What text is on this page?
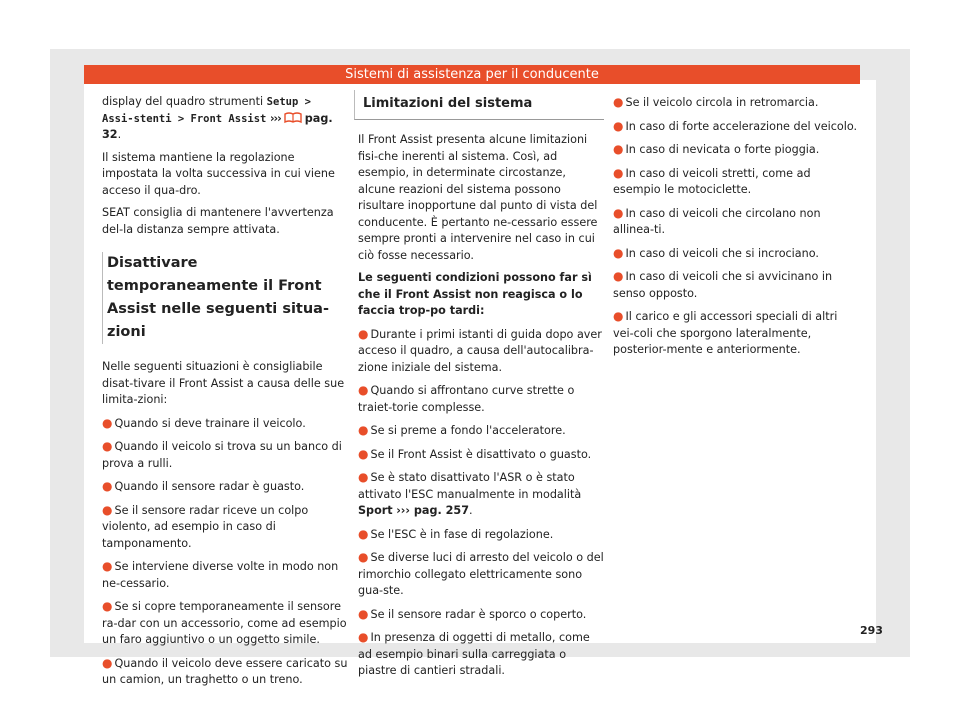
Sistemi di assistenza per il conducente

display del quadro strumenti Setup > Assi-stenti > Front Assist ››› pag. 32.

Il sistema mantiene la regolazione impostata la volta successiva in cui viene acceso il qua-dro.

SEAT consiglia di mantenere l'avvertenza del-la distanza sempre attivata.

Disattivare temporaneamente il Front Assist nelle seguenti situa-zioni

Nelle seguenti situazioni è consigliabile disat-tivare il Front Assist a causa delle sue limita-zioni:

● Quando si deve trainare il veicolo.
● Quando il veicolo si trova su un banco di prova a rulli.
● Quando il sensore radar è guasto.
● Se il sensore radar riceve un colpo violento, ad esempio in caso di tamponamento.
● Se interviene diverse volte in modo non ne-cessario.
● Se si copre temporaneamente il sensore ra-dar con un accessorio, come ad esempio un faro aggiuntivo o un oggetto simile.
● Quando il veicolo deve essere caricato su un camion, un traghetto o un treno.
Limitazioni del sistema

Il Front Assist presenta alcune limitazioni fisi-che inerenti al sistema. Così, ad esempio, in determinate circostanze, alcune reazioni del sistema possono risultare inopportune dal punto di vista del conducente. È pertanto ne-cessario essere sempre pronti a intervenire nel caso in cui ciò fosse necessario.

Le seguenti condizioni possono far sì che il Front Assist non reagisca o lo faccia trop-po tardi:

● Durante i primi istanti di guida dopo aver acceso il quadro, a causa dell'autocalibra-zione iniziale del sistema.
● Quando si affrontano curve strette o traiet-torie complesse.
● Se si preme a fondo l'acceleratore.
● Se il Front Assist è disattivato o guasto.
● Se è stato disattivato l'ASR o è stato attivato l'ESC manualmente in modalità Sport ››› pag. 257.
● Se l'ESC è in fase di regolazione.
● Se diverse luci di arresto del veicolo o del rimorchio collegato elettricamente sono gua-ste.
● Se il sensore radar è sporco o coperto.
● In presenza di oggetti di metallo, come ad esempio binari sulla carreggiata o piastre di cantieri stradali.
● Se il veicolo circola in retromarcia.
● In caso di forte accelerazione del veicolo.
● In caso di nevicata o forte pioggia.
● In caso di veicoli stretti, come ad esempio le motociclette.
● In caso di veicoli che circolano non allinea-ti.
● In caso di veicoli che si incrociano.
● In caso di veicoli che si avvicinano in senso opposto.
● Il carico e gli accessori speciali di altri vei-coli che sporgono lateralmente, posterior-mente e anteriormente.
293
